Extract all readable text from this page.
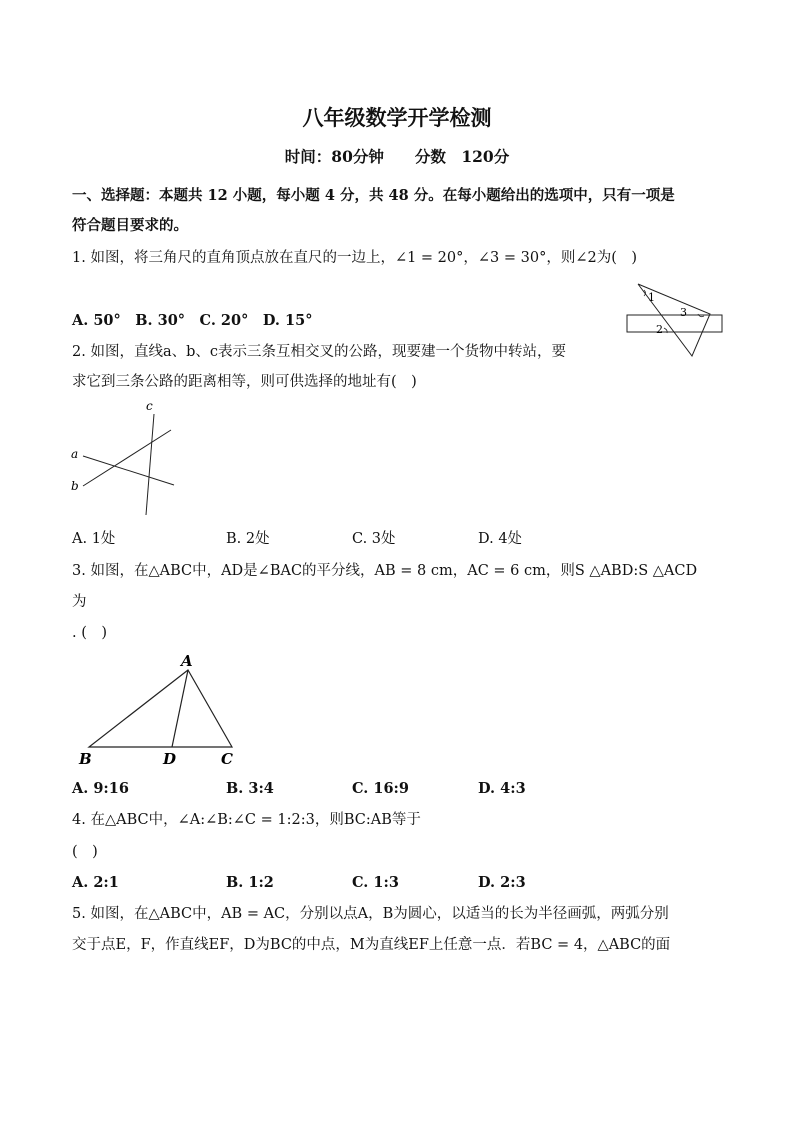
八年级数学开学检测
时间：80分钟　　分数　120分
一、选择题：本题共 12 小题，每小题 4 分，共 48 分。在每小题给出的选项中，只有一项是
符合题目要求的。
1. 如图，将三角尺的直角顶点放在直尺的一边上，∠1 = 20°，∠3 = 30°，则∠2为(　)
A. 50°　B. 30°　C. 20°　D. 15°
1
3
2
2. 如图，直线a、b、c表示三条互相交叉的公路，现要建一个货物中转站，要
求它到三条公路的距离相等，则可供选择的地址有(　)
c
a
b
A. 1处	B. 2处	C. 3处	D. 4处
3. 如图，在△ABC中，AD是∠BAC的平分线，AB = 8 cm，AC = 6 cm，则S △ABD:S △ACD
为
. (　)
A
B	D	C
A. 9:16	B. 3:4	C. 16:9	D. 4:3
4. 在△ABC中，∠A:∠B:∠C = 1:2:3，则BC:AB等于
(　)
A. 2:1	B. 1:2	C. 1:3	D. 2:3
5. 如图，在△ABC中，AB = AC，分别以点A，B为圆心，以适当的长为半径画弧，两弧分别
交于点E，F，作直线EF，D为BC的中点，M为直线EF上任意一点．若BC = 4，△ABC的面
